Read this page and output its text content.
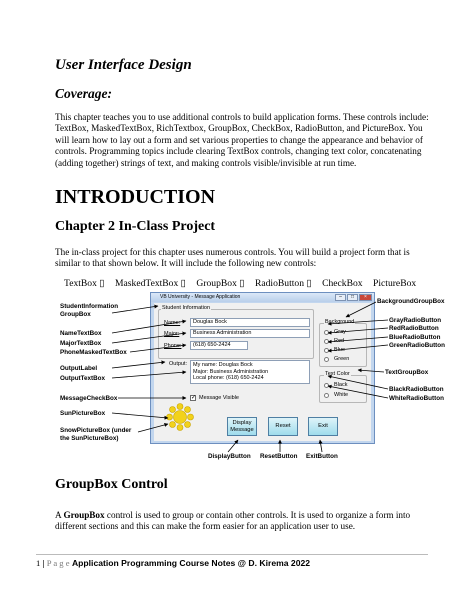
User Interface Design
Coverage:
This chapter teaches you to use additional controls to build application forms. These controls include: TextBox, MaskedTextBox, RichTextbox, GroupBox, CheckBox, RadioButton, and PictureBox. You will learn how to lay out a form and set various properties to change the appearance and behavior of controls. Programming topics include clearing TextBox controls, changing text color, concatenating (adding together) strings of text, and making controls visible/invisible at run time.
INTRODUCTION
Chapter 2 In-Class Project
The in-class project for this chapter uses numerous controls. You will build a project form that is similar to that shown below. It will include the following new controls:
TextBox ▯ MaskedTextBox ▯ GroupBox ▯ RadioButton ▯ CheckBox PictureBox
VB University - Message Application	–	□	×
Student Information
Name:	Douglas Bock
Major:	Business Administration
Phone:	(618) 650-2424
Output: My name: Douglas Bock
Major: Business Administration
Local phone: (618) 650-2424
✓ Message Visible
Background
Gray
Red
Blue
Green
Text Color
Black
White
Display Message
Reset	Exit
StudentInformation GroupBox
NameTextBox
MajorTextBox
PhoneMaskedTextBox
OutputLabel
OutputTextBox
MessageCheckBox
SunPictureBox
SnowPictureBox (under the SunPictureBox)
BackgroundGroupBox
GrayRadioButton
RedRadioButton
BlueRadioButton
GreenRadioButton
TextGroupBox
BlackRadioButton
WhiteRadioButton
DisplayButton ResetButton ExitButton
GroupBox Control
A GroupBox control is used to group or contain other controls. It is used to organize a form into different sections and this can make the form easier for an application user to use.
1 | P a g e Application Programming Course Notes @ D. Kirema 2022
